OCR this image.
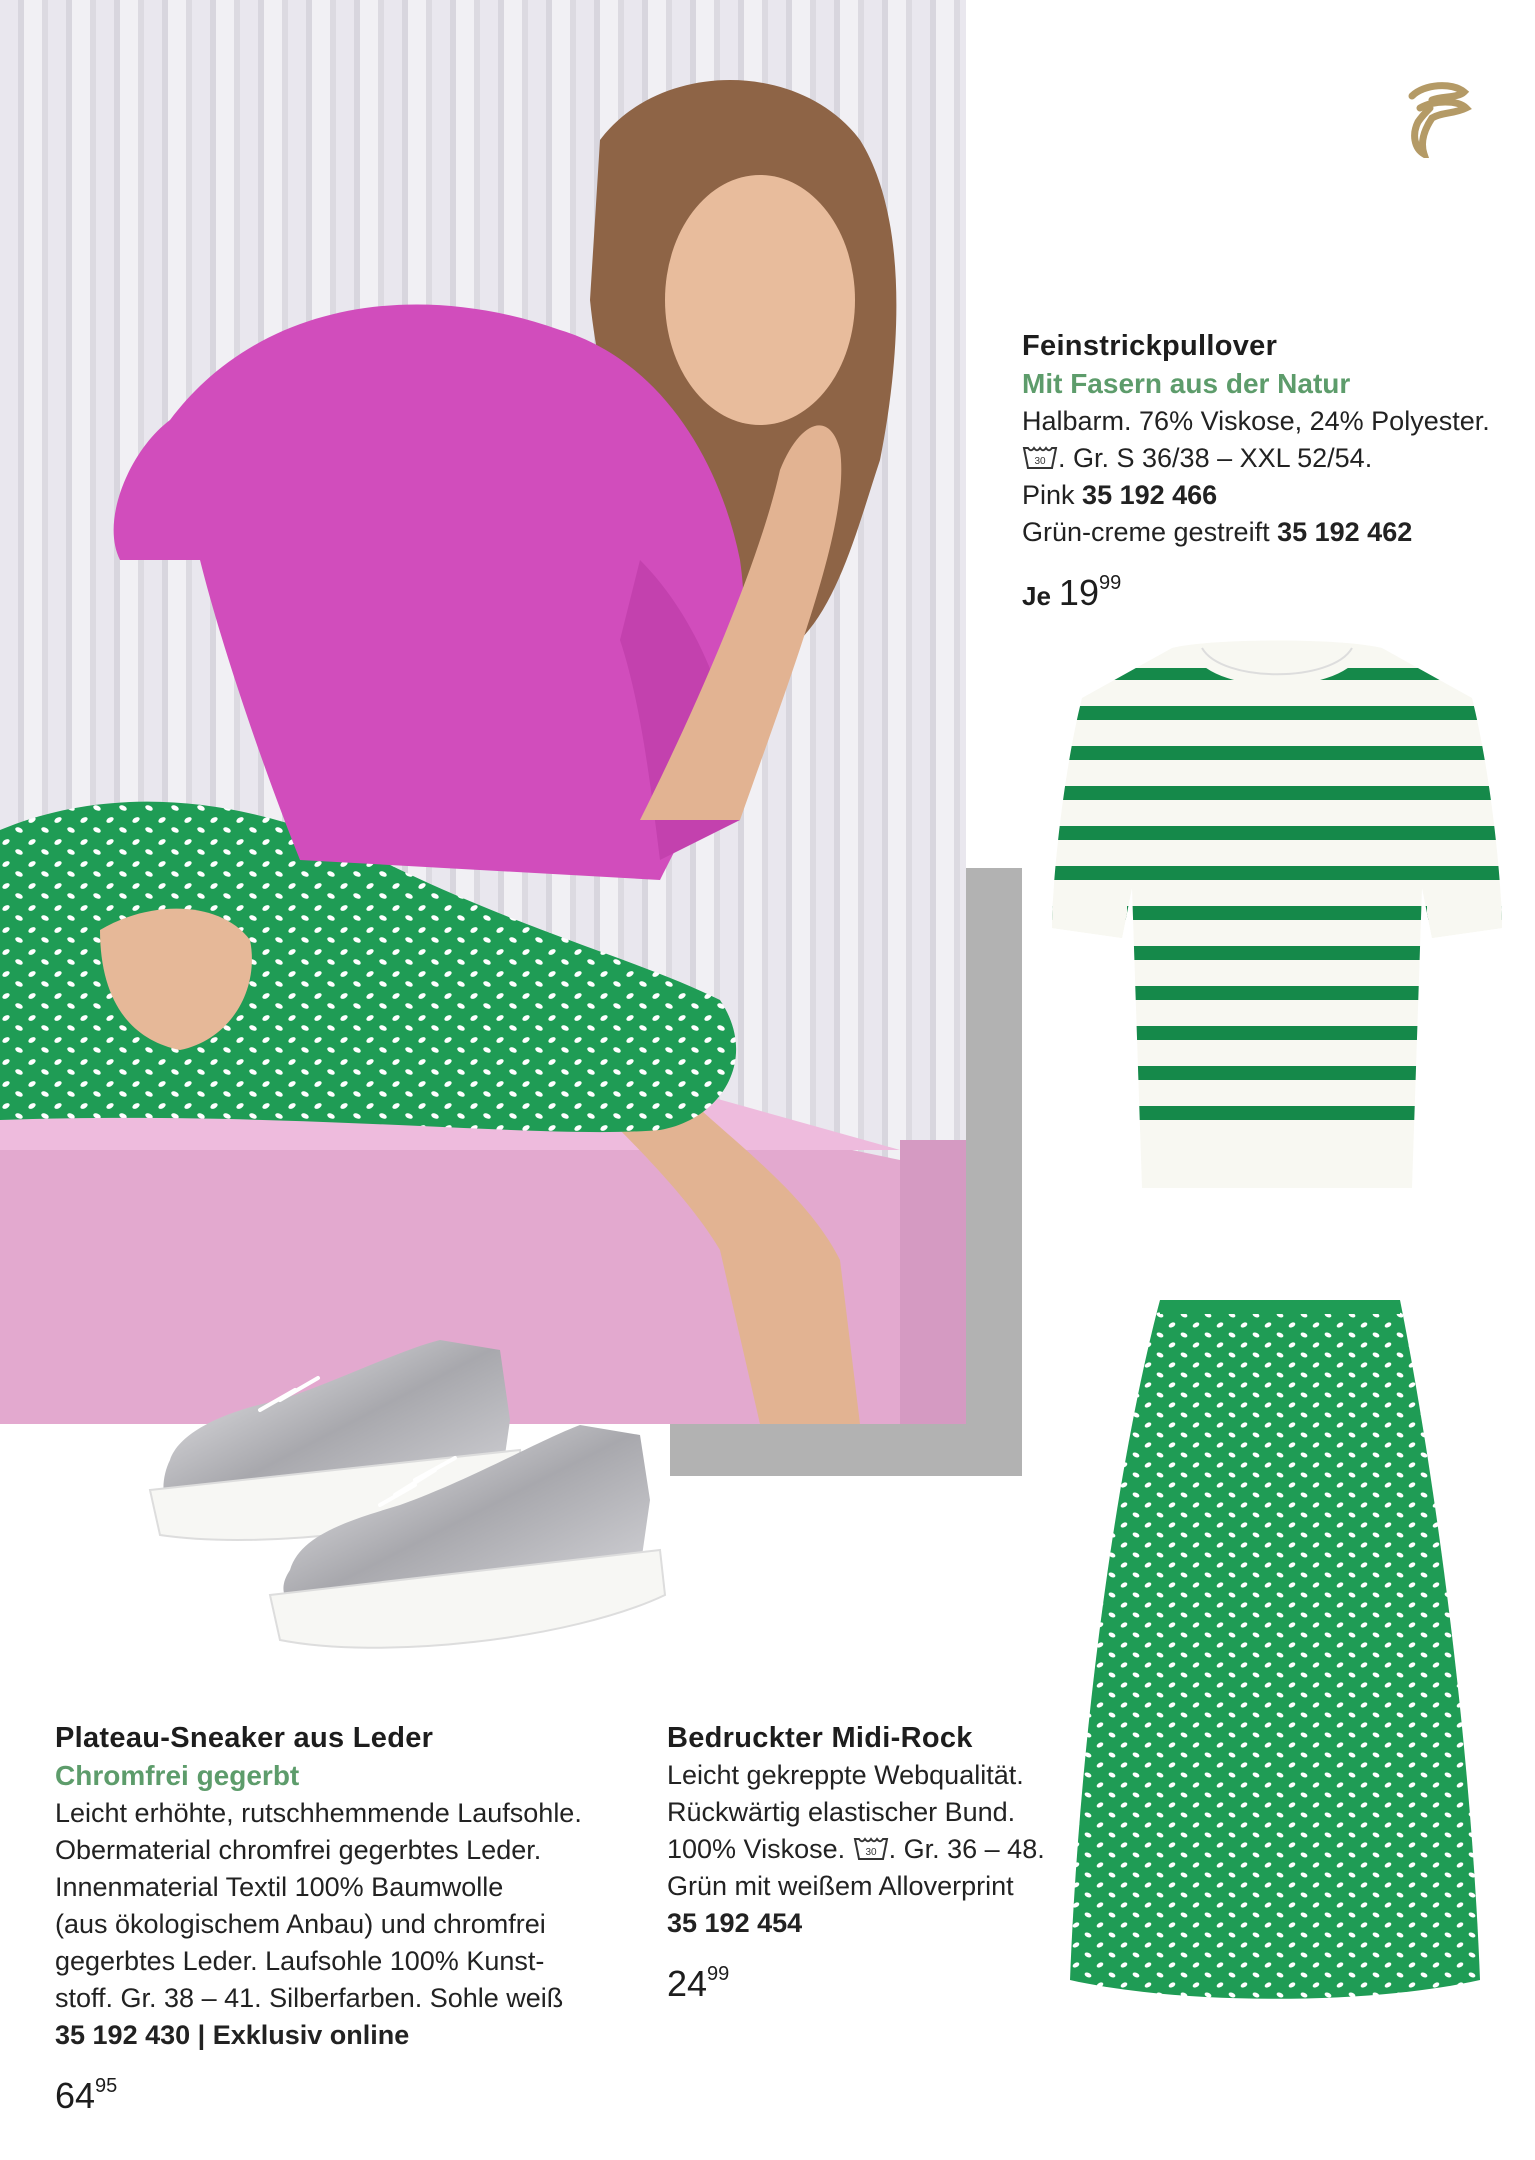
Feinstrickpullover
Mit Fasern aus der Natur
Halbarm. 76% Viskose, 24% Polyester.
30 . Gr. S 36/38 – XXL 52/54.
Pink 35 192 466
Grün-creme gestreift 35 192 462
Je $19^{99}$
Plateau-Sneaker aus Leder
Chromfrei gegerbt
Leicht erhöhte, rutschhemmende Laufsohle.
Obermaterial chromfrei gegerbtes Leder.
Innenmaterial Textil 100% Baumwolle
(aus ökologischem Anbau) und chromfrei
gegerbtes Leder. Laufsohle 100% Kunst-
stoff. Gr. 38 – 41. Silberfarben. Sohle weiß
35 192 430 | Exklusiv online
$64^{95}$
Bedruckter Midi-Rock
Leicht gekreppte Webqualität.
Rückwärtig elastischer Bund.
100% Viskose. 30 . Gr. 36 – 48.
Grün mit weißem Alloverprint
35 192 454
$24^{99}$
